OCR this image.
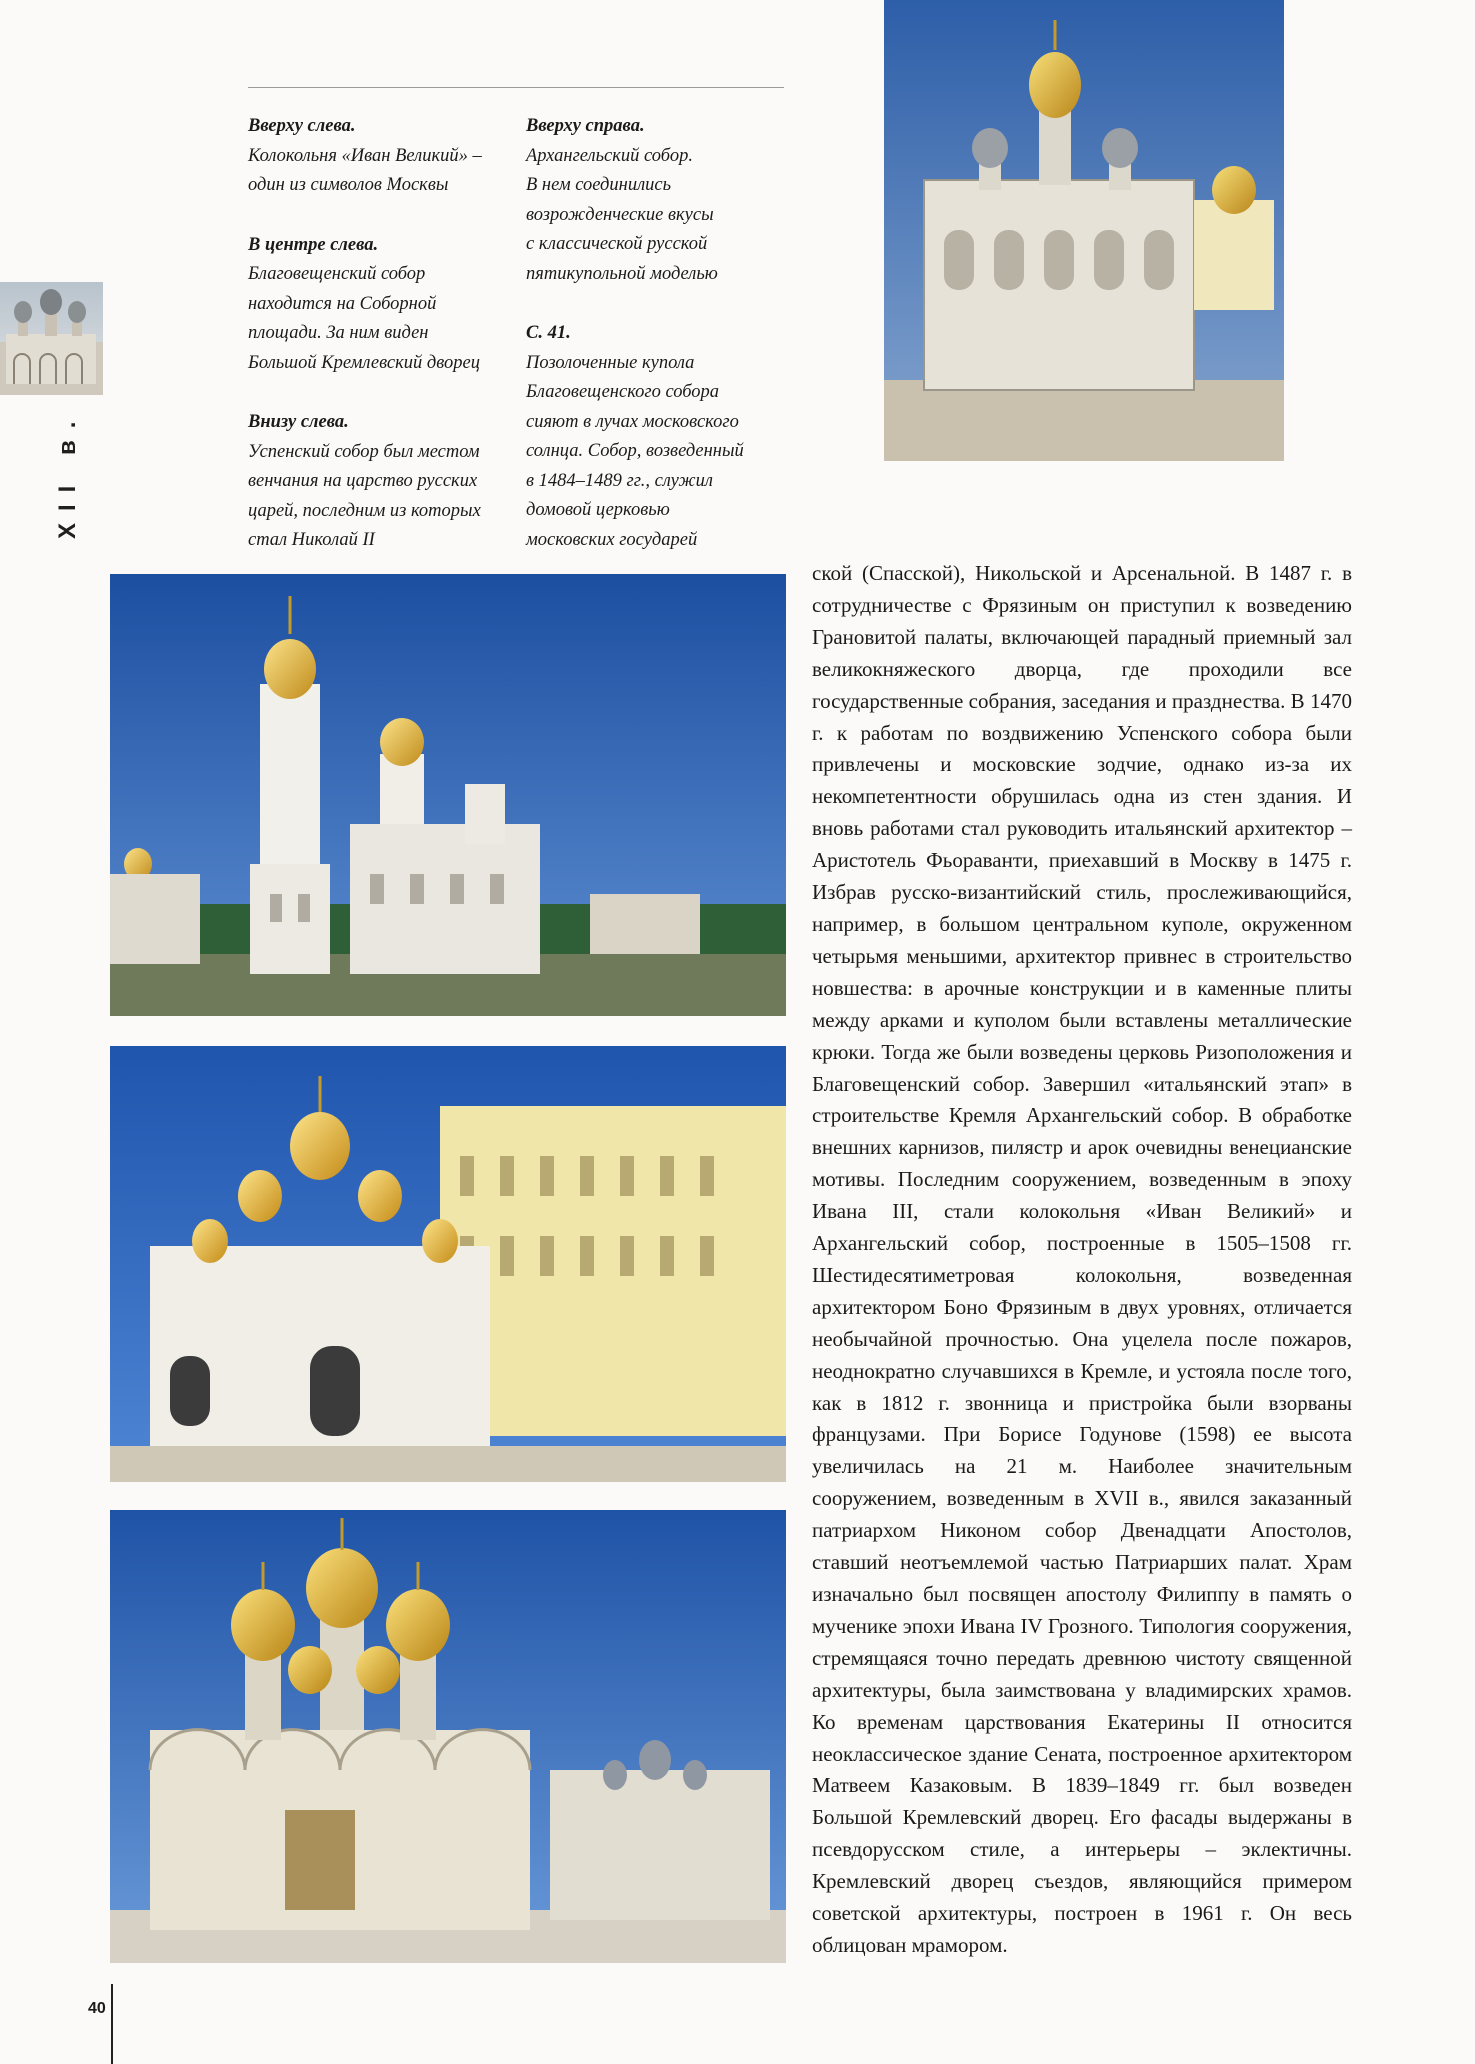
Вверху слева.
Колокольня «Иван Великий» –
один из символов Москвы
В центре слева.
Благовещенский собор
находится на Соборной
площади. За ним виден
Большой Кремлевский дворец
Внизу слева.
Успенский собор был местом
венчания на царство русских
царей, последним из которых
стал Николай II
Вверху справа.
Архангельский собор.
В нем соединились
возрожденческие вкусы
с классической русской
пятикупольной моделью
С. 41.
Позолоченные купола
Благовещенского собора
сияют в лучах московского
солнца. Собор, возведенный
в 1484–1489 гг., служил
домовой церковью
московских государей
XII в.
ской (Спасской), Никольской и Арсенальной. В 1487 г. в сотрудничестве с Фрязиным он приступил к возведению Грановитой палаты, включающей парадный приемный зал великокняжеского дворца, где проходили все государственные собрания, заседания и празднества. В 1470 г. к работам по воздвижению Успенского собора были привлечены и московские зодчие, однако из-за их некомпетентности обрушилась одна из стен здания. И вновь работами стал руководить итальянский архитектор – Аристотель Фьораванти, приехавший в Москву в 1475 г. Избрав русско-византийский стиль, прослеживающийся, например, в большом центральном куполе, окруженном четырьмя меньшими, архитектор привнес в строительство новшества: в арочные конструкции и в каменные плиты между арками и куполом были вставлены металлические крюки. Тогда же были возведены церковь Ризоположения и Благовещенский собор. Завершил «итальянский этап» в строительстве Кремля Архангельский собор. В обработке внешних карнизов, пилястр и арок очевидны венецианские мотивы. Последним сооружением, возведенным в эпоху Ивана III, стали колокольня «Иван Великий» и Архангельский собор, построенные в 1505–1508 гг. Шестидесятиметровая колокольня, возведенная архитектором Боно Фрязиным в двух уровнях, отличается необычайной прочностью. Она уцелела после пожаров, неоднократно случавшихся в Кремле, и устояла после того, как в 1812 г. звонница и пристройка были взорваны французами. При Борисе Годунове (1598) ее высота увеличилась на 21 м. Наиболее значительным сооружением, возведенным в XVII в., явился заказанный патриархом Никоном собор Двенадцати Апостолов, ставший неотъемлемой частью Патриарших палат. Храм изначально был посвящен апостолу Филиппу в память о мученике эпохи Ивана IV Грозного. Типология сооружения, стремящаяся точно передать древнюю чистоту священной архитектуры, была заимствована у владимирских храмов. Ко временам царствования Екатерины II относится неоклассическое здание Сената, построенное архитектором Матвеем Казаковым. В 1839–1849 гг. был возведен Большой Кремлевский дворец. Его фасады выдержаны в псевдорусском стиле, а интерьеры – эклектичны. Кремлевский дворец съездов, являющийся примером советской архитектуры, построен в 1961 г. Он весь облицован мрамором.
40
